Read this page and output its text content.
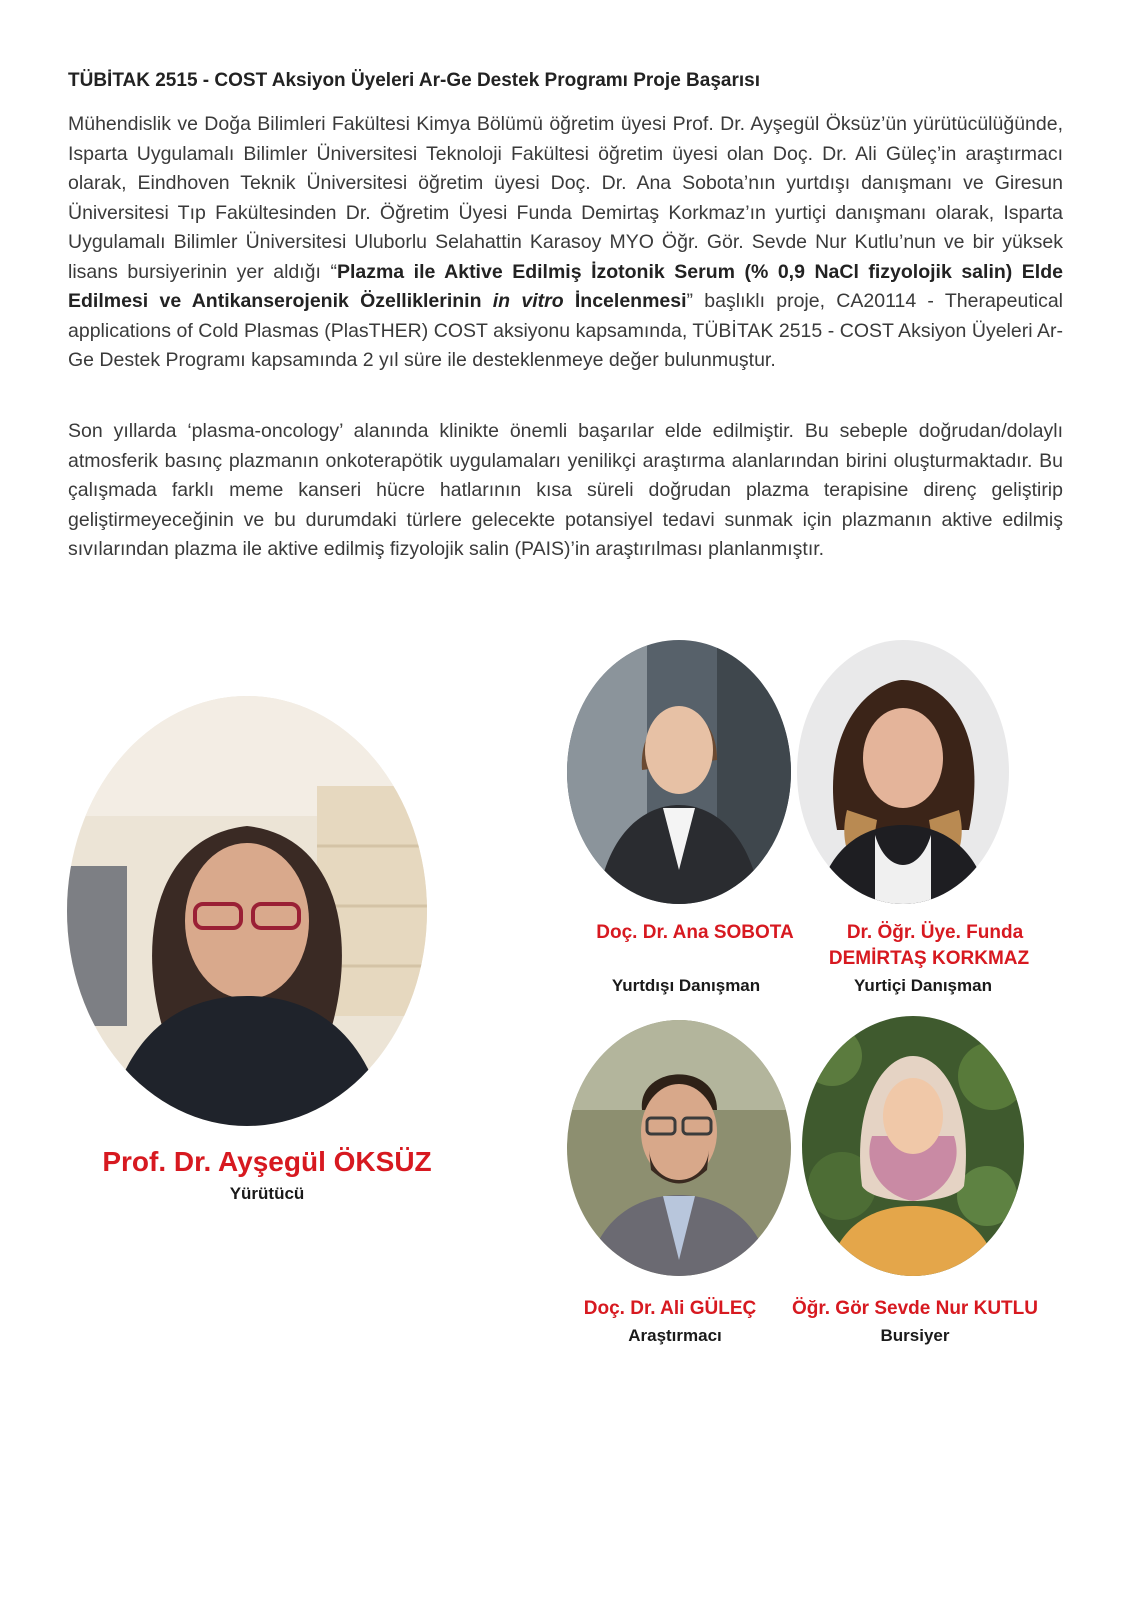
TÜBİTAK 2515 - COST Aksiyon Üyeleri Ar-Ge Destek Programı Proje Başarısı

Mühendislik ve Doğa Bilimleri Fakültesi Kimya Bölümü öğretim üyesi Prof. Dr. Ayşegül Öksüz’ün yürütücülüğünde, Isparta Uygulamalı Bilimler Üniversitesi Teknoloji Fakültesi öğretim üyesi olan Doç. Dr. Ali Güleç’in araştırmacı olarak, Eindhoven Teknik Üniversitesi öğretim üyesi Doç. Dr. Ana Sobota’nın yurtdışı danışmanı ve Giresun Üniversitesi Tıp Fakültesinden Dr. Öğretim Üyesi Funda Demirtaş Korkmaz’ın yurtiçi danışmanı olarak, Isparta Uygulamalı Bilimler Üniversitesi Uluborlu Selahattin Karasoy MYO Öğr. Gör. Sevde Nur Kutlu’nun ve bir yüksek lisans bursiyerinin yer aldığı “Plazma ile Aktive Edilmiş İzotonik Serum (% 0,9 NaCl fizyolojik salin) Elde Edilmesi ve Antikanserojenik Özelliklerinin in vitro İncelenmesi” başlıklı proje, CA20114 - Therapeutical applications of Cold Plasmas (PlasTHER) COST aksiyonu kapsamında, TÜBİTAK 2515 - COST Aksiyon Üyeleri Ar-Ge Destek Programı kapsamında 2 yıl süre ile desteklenmeye değer bulunmuştur.

Son yıllarda ‘plasma-oncology’ alanında klinikte önemli başarılar elde edilmiştir. Bu sebeple doğrudan/dolaylı atmosferik basınç plazmanın onkoterapötik uygulamaları yenilikçi araştırma alanlarından birini oluşturmaktadır. Bu çalışmada farklı meme kanseri hücre hatlarının kısa süreli doğrudan plazma terapisine direnç geliştirip geliştirmeyeceğinin ve bu durumdaki türlere gelecekte potansiyel tedavi sunmak için plazmanın aktive edilmiş sıvılarından plazma ile aktive edilmiş fizyolojik salin (PAIS)’in araştırılması planlanmıştır.

Prof. Dr. Ayşegül ÖKSÜZ
Yürütücü
Doç. Dr. Ana SOBOTA
Yurtdışı Danışman
Dr. Öğr. Üye. Funda
DEMİRTAŞ KORKMAZ
Yurtiçi Danışman
Doç. Dr. Ali GÜLEÇ
Araştırmacı
Öğr. Gör Sevde Nur KUTLU
Bursiyer
